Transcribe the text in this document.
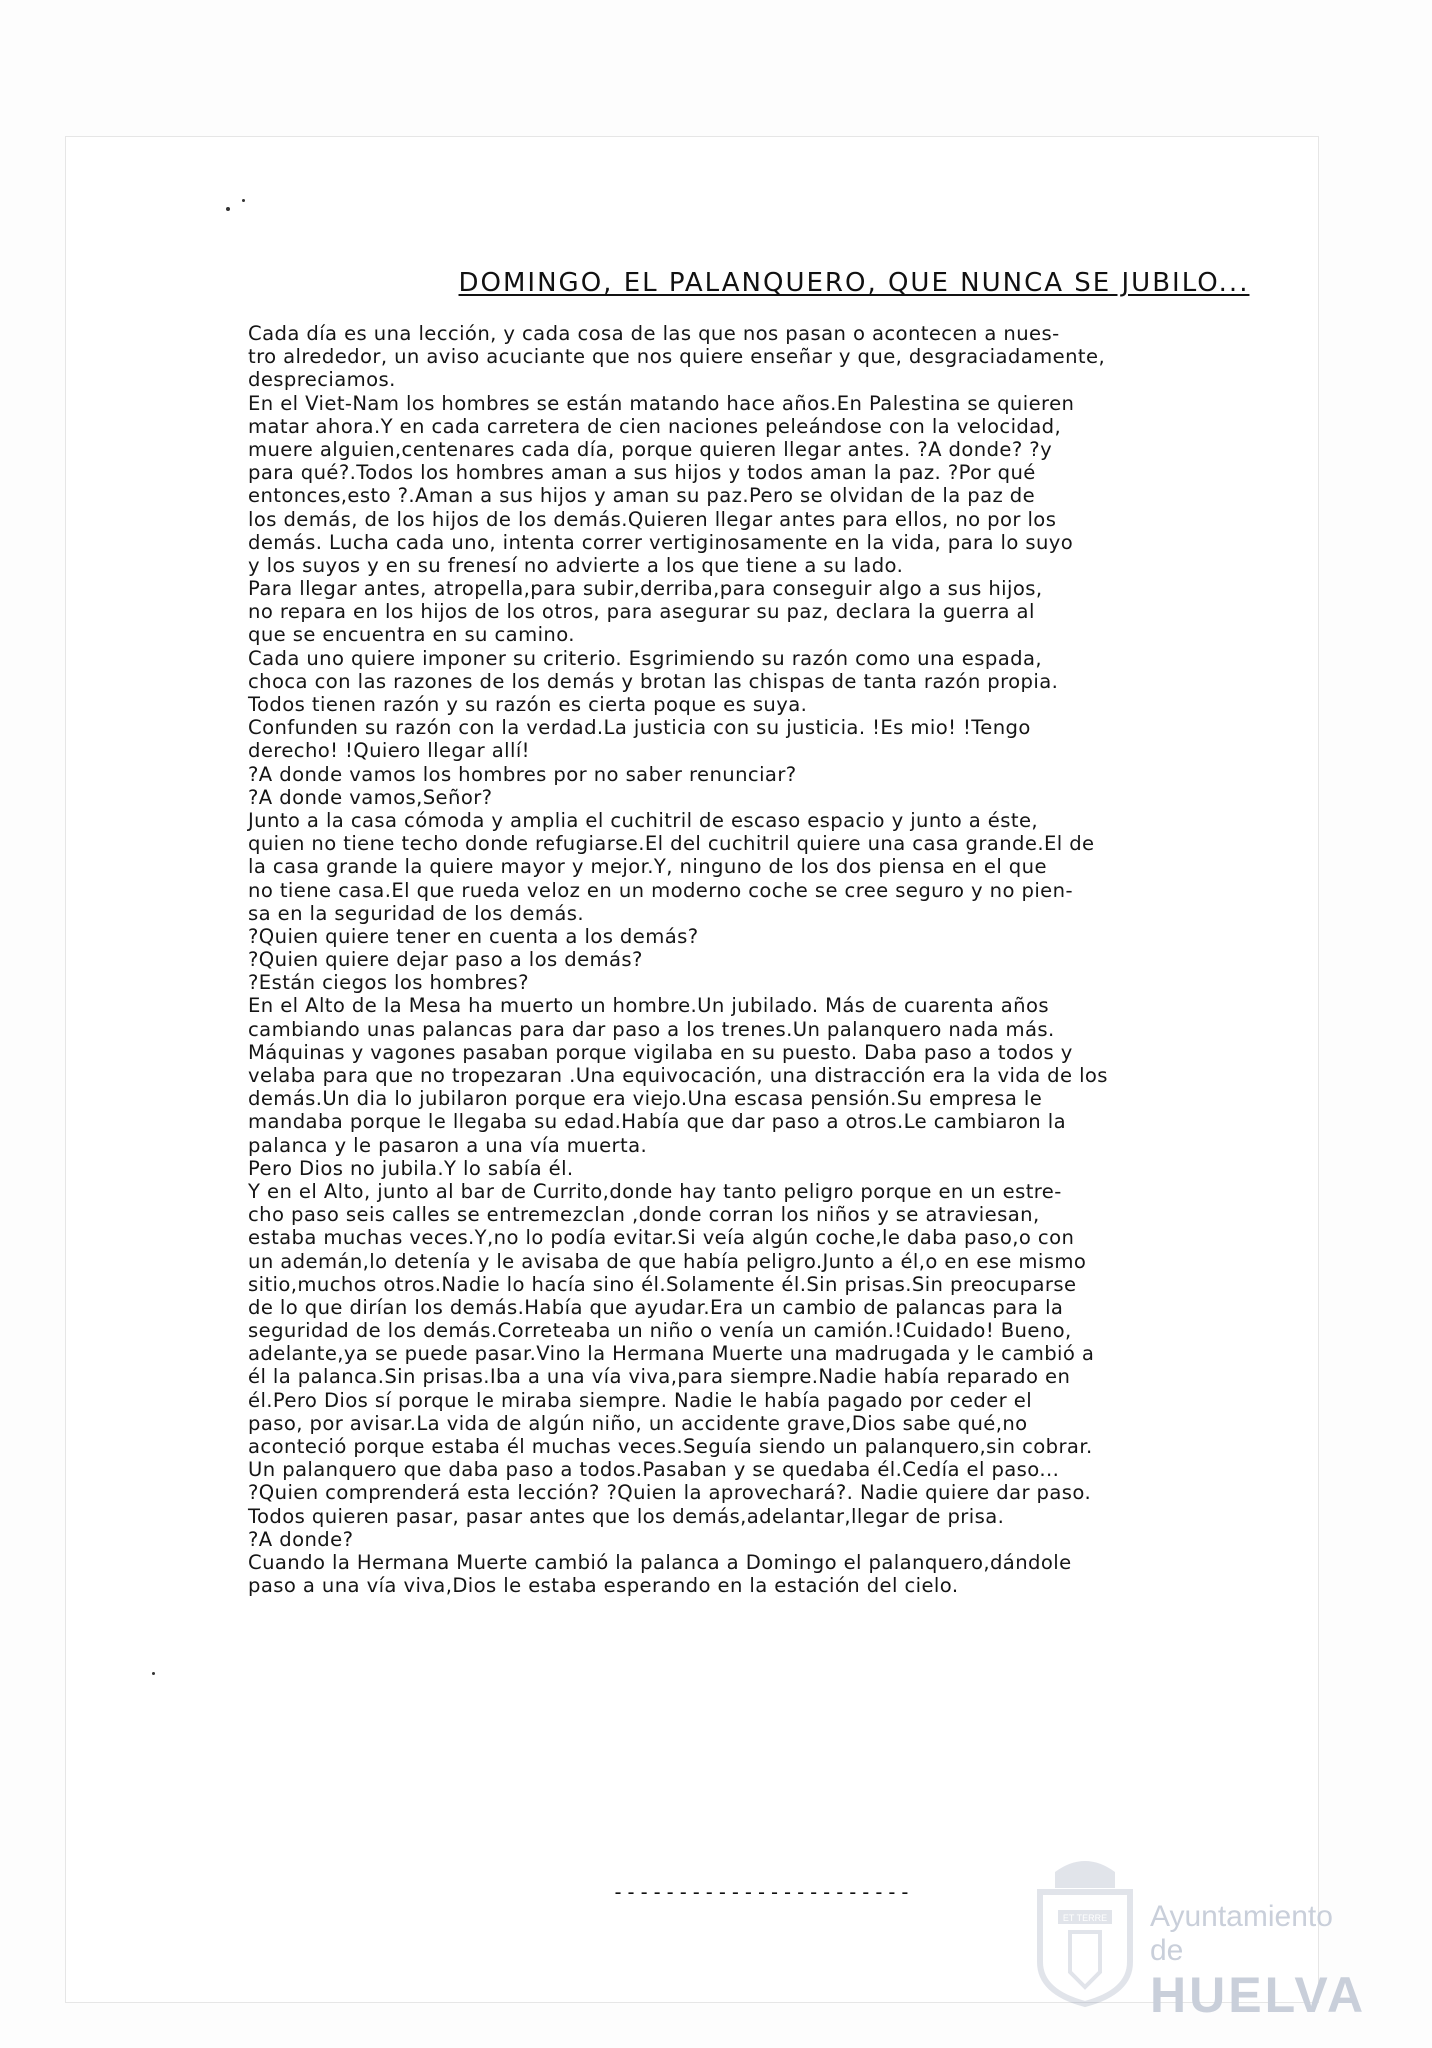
DOMINGO, EL PALANQUERO, QUE NUNCA SE JUBILO...
Cada día es una lección, y cada cosa de las que nos pasan o acontecen a nues-
tro alrededor, un aviso acuciante que nos quiere enseñar y que, desgraciadamente,
despreciamos.
En el Viet-Nam los hombres se están matando hace años.En Palestina se quieren
matar ahora.Y en cada carretera de cien naciones peleándose con la velocidad,
muere alguien,centenares cada día, porque quieren llegar antes. ?A donde? ?y
para qué?.Todos los hombres aman a sus hijos y todos aman la paz. ?Por qué
entonces,esto ?.Aman a sus hijos y aman su paz.Pero se olvidan de la paz de
los demás, de los hijos de los demás.Quieren llegar antes para ellos, no por los
demás. Lucha cada uno, intenta correr vertiginosamente en la vida, para lo suyo
y los suyos y en su frenesí no advierte a los que tiene a su lado.
Para llegar antes, atropella,para subir,derriba,para conseguir algo a sus hijos,
no repara en los hijos de los otros, para asegurar su paz, declara la guerra al
que se encuentra en su camino.
Cada uno quiere imponer su criterio. Esgrimiendo su razón como una espada,
choca con las razones de los demás y brotan las chispas de tanta razón propia.
Todos tienen razón y su razón es cierta poque es suya.
Confunden su razón con la verdad.La justicia con su justicia. !Es mio! !Tengo
derecho! !Quiero llegar allí!
?A donde vamos los hombres por no saber renunciar?
?A donde vamos,Señor?
Junto a la casa cómoda y amplia el cuchitril de escaso espacio y junto a éste,
quien no tiene techo donde refugiarse.El del cuchitril quiere una casa grande.El de
la casa grande la quiere mayor y mejor.Y, ninguno de los dos piensa en el que
no tiene casa.El que rueda veloz en un moderno coche se cree seguro y no pien-
sa en la seguridad de los demás.
?Quien quiere tener en cuenta a los demás?
?Quien quiere dejar paso a los demás?
?Están ciegos los hombres?
En el Alto de la Mesa ha muerto un hombre.Un jubilado. Más de cuarenta años
cambiando unas palancas para dar paso a los trenes.Un palanquero nada más.
Máquinas y vagones pasaban porque vigilaba en su puesto. Daba paso a todos y
velaba para que no tropezaran .Una equivocación, una distracción era la vida de los
demás.Un dia lo jubilaron porque era viejo.Una escasa pensión.Su empresa le
mandaba porque le llegaba su edad.Había que dar paso a otros.Le cambiaron la
palanca y le pasaron a una vía muerta.
Pero Dios no jubila.Y lo sabía él.
Y en el Alto, junto al bar de Currito,donde hay tanto peligro porque en un estre-
cho paso seis calles se entremezclan ,donde corran los niños y se atraviesan,
estaba muchas veces.Y,no lo podía evitar.Si veía algún coche,le daba paso,o con
un ademán,lo detenía y le avisaba de que había peligro.Junto a él,o en ese mismo
sitio,muchos otros.Nadie lo hacía sino él.Solamente él.Sin prisas.Sin preocuparse
de lo que dirían los demás.Había que ayudar.Era un cambio de palancas para la
seguridad de los demás.Correteaba un niño o venía un camión.!Cuidado! Bueno,
adelante,ya se puede pasar.Vino la Hermana Muerte una madrugada y le cambió a
él la palanca.Sin prisas.Iba a una vía viva,para siempre.Nadie había reparado en
él.Pero Dios sí porque le miraba siempre. Nadie le había pagado por ceder el
paso, por avisar.La vida de algún niño, un accidente grave,Dios sabe qué,no
aconteció porque estaba él muchas veces.Seguía siendo un palanquero,sin cobrar.
Un palanquero que daba paso a todos.Pasaban y se quedaba él.Cedía el paso...
?Quien comprenderá esta lección? ?Quien la aprovechará?. Nadie quiere dar paso.
Todos quieren pasar, pasar antes que los demás,adelantar,llegar de prisa.
?A donde?
Cuando la Hermana Muerte cambió la palanca a Domingo el palanquero,dándole
paso a una vía viva,Dios le estaba esperando en la estación del cielo.
-----------------------
ET TERRE Ayuntamiento de
HUELVA
